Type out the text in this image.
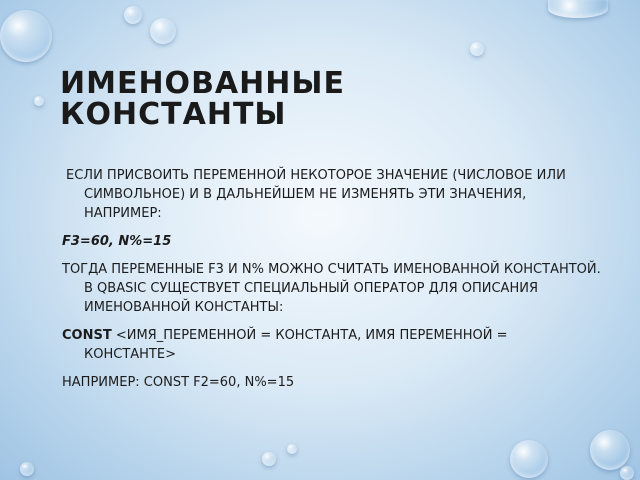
ИМЕНОВАННЫЕ
КОНСТАНТЫ

ЕСЛИ ПРИСВОИТЬ ПЕРЕМЕННОЙ НЕКОТОРОЕ ЗНАЧЕНИЕ (ЧИСЛОВОЕ ИЛИ СИМВОЛЬНОЕ) И В ДАЛЬНЕЙШЕМ НЕ ИЗМЕНЯТЬ ЭТИ ЗНАЧЕНИЯ, НАПРИМЕР:

F3=60, N%=15

ТОГДА ПЕРЕМЕННЫЕ F3 И N% МОЖНО СЧИТАТЬ ИМЕНОВАННОЙ КОНСТАНТОЙ. В QBASIC СУЩЕСТВУЕТ СПЕЦИАЛЬНЫЙ ОПЕРАТОР ДЛЯ ОПИСАНИЯ ИМЕНОВАННОЙ КОНСТАНТЫ:

CONST <ИМЯ_ПЕРЕМЕННОЙ = КОНСТАНТА, ИМЯ ПЕРЕМЕННОЙ = КОНСТАНТЕ>

НАПРИМЕР: CONST F2=60, N%=15
